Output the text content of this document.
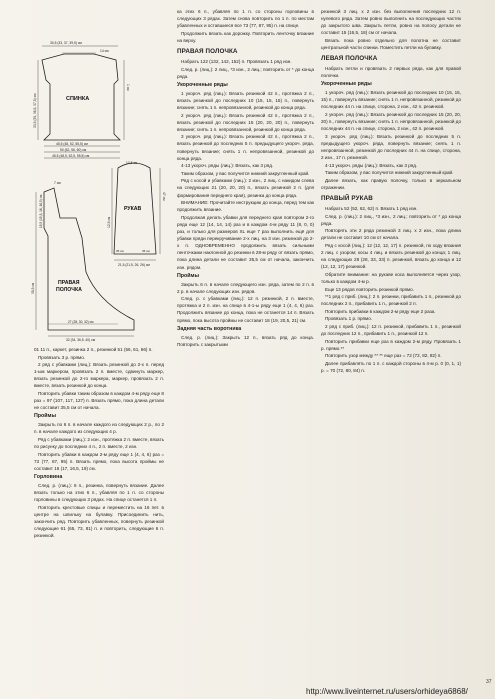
СПИНКА
30,5 (33, 37, 39,5) см
14 см
33,5 (35, 36,5, 37,5) см
1 см
45,5 (48, 52, 55,5) см
50 (52, 56, 60) см
45,5 (48,5, 52,5, 55,5) см
РУКАВ
12,5 см
47 см
12,5 см
35 см	35 см
21,5 (21,5, 26, 26) см
ПРАВАЯ
ПОЛОЧКА
7 см
15,5 (15,5, 16, 16,5) см
35,5 см
27 (28, 30, 32) см
32 (34, 36,5, 40) см

01 11 п., каркет, резинка 2 п., резинкой 51 (56, 61, 66) п.

Провязать 3 р. прямо.

2 ряд с убавками (лиц.): Вязать резинкой до 2-х п. перед 1-ым маркером, провязать 2 п. вместе, сдвинуть маркер, вязать резинкой до 2-го маркера, маркер, провязать 2 п. вместе, вязать резинкой до конца.

Повторить убавки таким образом в каждом 4-м ряду еще 8 раз = 97 (107, 117, 127) п. Вязать прямо, пока длина детали не составит 35,5 см от начала.

Проймы

Закрыть по 6 п. в начале каждого из следующих 2 р., по 2 п. в начале каждого из следующих 4 р.

Ряд с убавками (лиц.): 2 изн., протяжка 2 п. вместе, вязать по рисунку до последних 4 п., 2 п. вместе, 2 изн.

Повторить убавки в каждом 2-м ряду еще 1 (4, 4, 6) раз = 73 (77, 87, 95) п. Вязать прямо, пока высота проймы не составит 16 (17, 16,5, 19) см.

Горловина

След. р. (лиц.): 6 п., резинка, повернуть вязание. Далее вязать только на этих 6 п., убавляя по 1 п. со стороны горловины в следующих 3 рядах. На спице останется 1 п.

Повторить крестовые спицы и переместить на 16 пет. в центре на шпильку на булавку. Присоединить нить, закончить ряд. Повторить убавленных, повернуть резинкой следующие 61 (65, 73, 81) п. и повторить, следующие 6 п. резинкой.

ка этих 6 п., убавляя по 1 п. со стороны горловины в следующих 3 рядах. Затем снова повторить по 1 п. по местам убавленных и оставшиеся все 73 (77, 87, 95) п. на спице.

Продолжить вязать как дорожку. Повторить ленточку вязание на верху.

ПРАВАЯ ПОЛОЧКА

Набрать 122 (132, 142, 152) п. Провязать 1 ряд изн.

След. р. (лиц.): 2 лиц., *3 изн., 2 лиц.; повторить от * до конца ряда.

Укороченные ряды

1 укороч. ряд (лиц.): Вязать резинкой 42 п., протяжка 2 п., вязать резинкой до последних 10 (15, 15, 15) п., повернуть вязание; снять 1 п. непровязанной, резинкой до конца ряда.

2 укороч. ряд (лиц.): Вязать резинкой 42 п., протяжка 2 п., вязать резинкой до последних 15 (20, 20, 20) п., повернуть вязание; снять 1 п. непровязанной, резинкой до конца ряда.

3 укороч. ряд (лиц.): Вязать резинкой 42 п., протяжка 2 п., вязать резинкой до последних 5 п. предыдущего укороч. ряда, повернуть вязание; снять 1 п. непровязанной, резинкой до конца ряда.

4-13 укороч. ряды (лиц.): Вязать, как 3 ряд.

Таким образом, у вас получится нижний закругленный край.

Ряд с косой и убавками (лиц.): 2 изн., 2 лиц. с накидом слева на следующих 21 (20, 20, 20) п., вязать резинкой 2 п. (для формирования переднего края), резинка до конца ряда.

ВНИМАНИЕ: Прочитайте инструкцию до конца, перед тем как продолжить вязание.

Продолжая делать убавки для переднего края повтором 2-го ряда еще 12 (14, 14, 14) раз и в каждом 4-м ряду 11 (8, 0, 0) раз, и только для размеров XL еще 7 раз выполнить ещё для убавки пряди перекручивание 2-х лиц. на 3 изн. резинкой до 2-х п. ОДНОВРЕМЕННО продолжить вязать сильными ленточками наклонной до резинки в 28-м ряду от вязать прямо, пока длина детали не составит 35,5 см от начала, закончить изн. рядом.

Проймы

Закрыть 6 п. в начале следующего изн. ряда, затем по 2 п. в 2 р. в начале следующих изн. рядов.

След. р. с убавками (лиц.): 12 п. резинкой, 2 п. вместе, протяжка и 2 п. изн. на спице в 4-1-ы ряду еще 1 (4, 4, 6) раз. Продолжить вязание до конца, пока не останется 14 п. Вязать прямо, пока высота проймы не составит 18 (19, 20,5, 21) см.

Задняя часть воротника

След. р. (лиц.): Закрыть 12 п., вязать ряд до конца. Повторить с закрытыми

резинкой 3 лиц. х 2 изн. без выполнения последних 12 п. нулевого ряда. Затем ровно выполнить на последующих частях до закрытого шва. Закрыть петли, ровно на полосу детали не составит 15 (16,5, 18) см от начала.

Вязать пока ровно отдельно для полотна не составит центральной части спинки. Поместить петли на булавку.

ЛЕВАЯ ПОЛОЧКА

Набрать петли и провязать 2 первых ряда, как для правой полочки.

Укороченные ряды

1 укороч. ряд (лиц.): Вязать резинкой до последних 10 (15, 15, 15) п., повернуть вязание; снять 1 п. непровязанной, резинкой до последних 44 п. на спице, сторона, 2 изн., 42 п. резинкой.

2 укороч. ряд (лиц.): Вязать резинкой до последних 15 (20, 20, 20) п., повернуть вязание; снять 1 п. непровязанной, резинкой до последних 44 п. на спице, сторона, 2 изн., 42 п. резинкой.

3 укороч. ряд (лиц.): Вязать резинкой до последних 5 п. предыдущего укороч. ряда, повернуть вязание; снять 1 п. непровязанной, резинкой до последних 44 п. на спице, сторона, 2 изн., 17 п. резинкой.

4-13 укороч. ряды (лиц.): Вязать, как 3 ряд.

Таким образом, у вас получится нижний закругленный край.

Далее вязать, как правую полочку, только в зеркальном отражении.

ПРАВЫЙ РУКАВ

Набрать 52 (52, 62, 62) п. Вязать 1 ряд изн.

След. р. (лиц.): 2 лиц., *3 изн., 2 лиц.; повторить от * до конца ряда.

Повторять эти 2 ряда резинкой 3 лиц. х 2 изн., пока длина детали не составит 10 см от начала.

Ряд с косой (лиц.): 12 (12, 12, 17) п. резинкой, по ходу вязания 2 лиц. с узором; косы 4 лиц. и вязать резинкой до конца; 1 лиц. на следующих 28 (28, 33, 33) п. резинкой, вязать до конца и 12 (12, 12, 17) резинкой.

Обратите внимание: на рукаве коса выполняется через узор, только в каждом 4-м р.

Еще 13 рядов повторить резинкой прямо.

**1 ряд с приб. (лиц.): 2 п. резинки, прибавить 1 п., резинкой до последних 2 п., прибавить 1 п., резинкой 2 п.

Повторить прибавки в каждом 2-м ряду еще 2 раза.

Провязать 1 р. прямо.

2 ряд с приб. (лиц.): 12 п. резинкой, прибавить 1 п., резинкой до последних 12 п., прибавить 1 п., резинкой 12 п.

Повторить прибавки еще раз в каждом 2-м ряду. Провязать 1 р. прямо.**

Повторить узор между ** ** еще раз = 72 (72, 82, 82) п.

Далее прибавлять по 1 п. с каждой стороны в 4-м р. 0 (0, 1, 1) р. = 70 (72, 80, 84) п.

http://www.liveinternet.ru/users/orhideya6868/
37
